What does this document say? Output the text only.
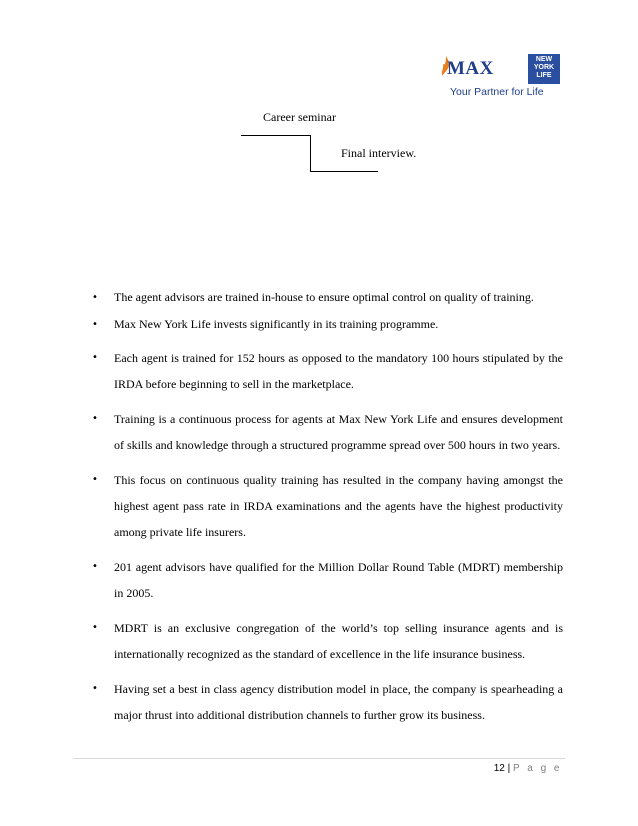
MAX	NEW
YORK
LIFE
Your Partner for Life
Career seminar
Final interview.
• The agent advisors are trained in-house to ensure optimal control on quality of training.
• Max New York Life invests significantly in its training programme.
• Each agent is trained for 152 hours as opposed to the mandatory 100 hours stipulated by the IRDA before beginning to sell in the marketplace.
• Training is a continuous process for agents at Max New York Life and ensures development of skills and knowledge through a structured programme spread over 500 hours in two years.
• This focus on continuous quality training has resulted in the company having amongst the highest agent pass rate in IRDA examinations and the agents have the highest productivity among private life insurers.
• 201 agent advisors have qualified for the Million Dollar Round Table (MDRT) membership in 2005.
• MDRT is an exclusive congregation of the world’s top selling insurance agents and is internationally recognized as the standard of excellence in the life insurance business.
• Having set a best in class agency distribution model in place, the company is spearheading a major thrust into additional distribution channels to further grow its business.
12 | P a g e
